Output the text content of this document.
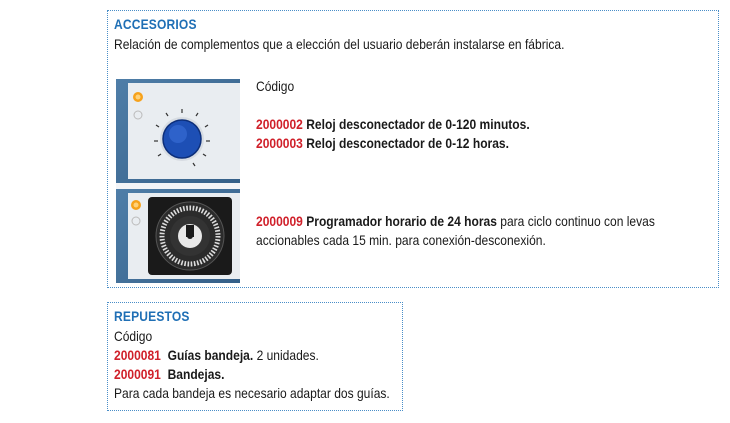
ACCESORIOS
Relación de complementos que a elección del usuario deberán instalarse en fábrica.
Código
2000002 Reloj desconectador de 0-120 minutos.
2000003 Reloj desconectador de 0-12 horas.
2000009 Programador horario de 24 horas para ciclo continuo con levas
accionables cada 15 min. para conexión-desconexión.
REPUESTOS
Código
2000081 Guías bandeja. 2 unidades.
2000091 Bandejas.
Para cada bandeja es necesario adaptar dos guías.
